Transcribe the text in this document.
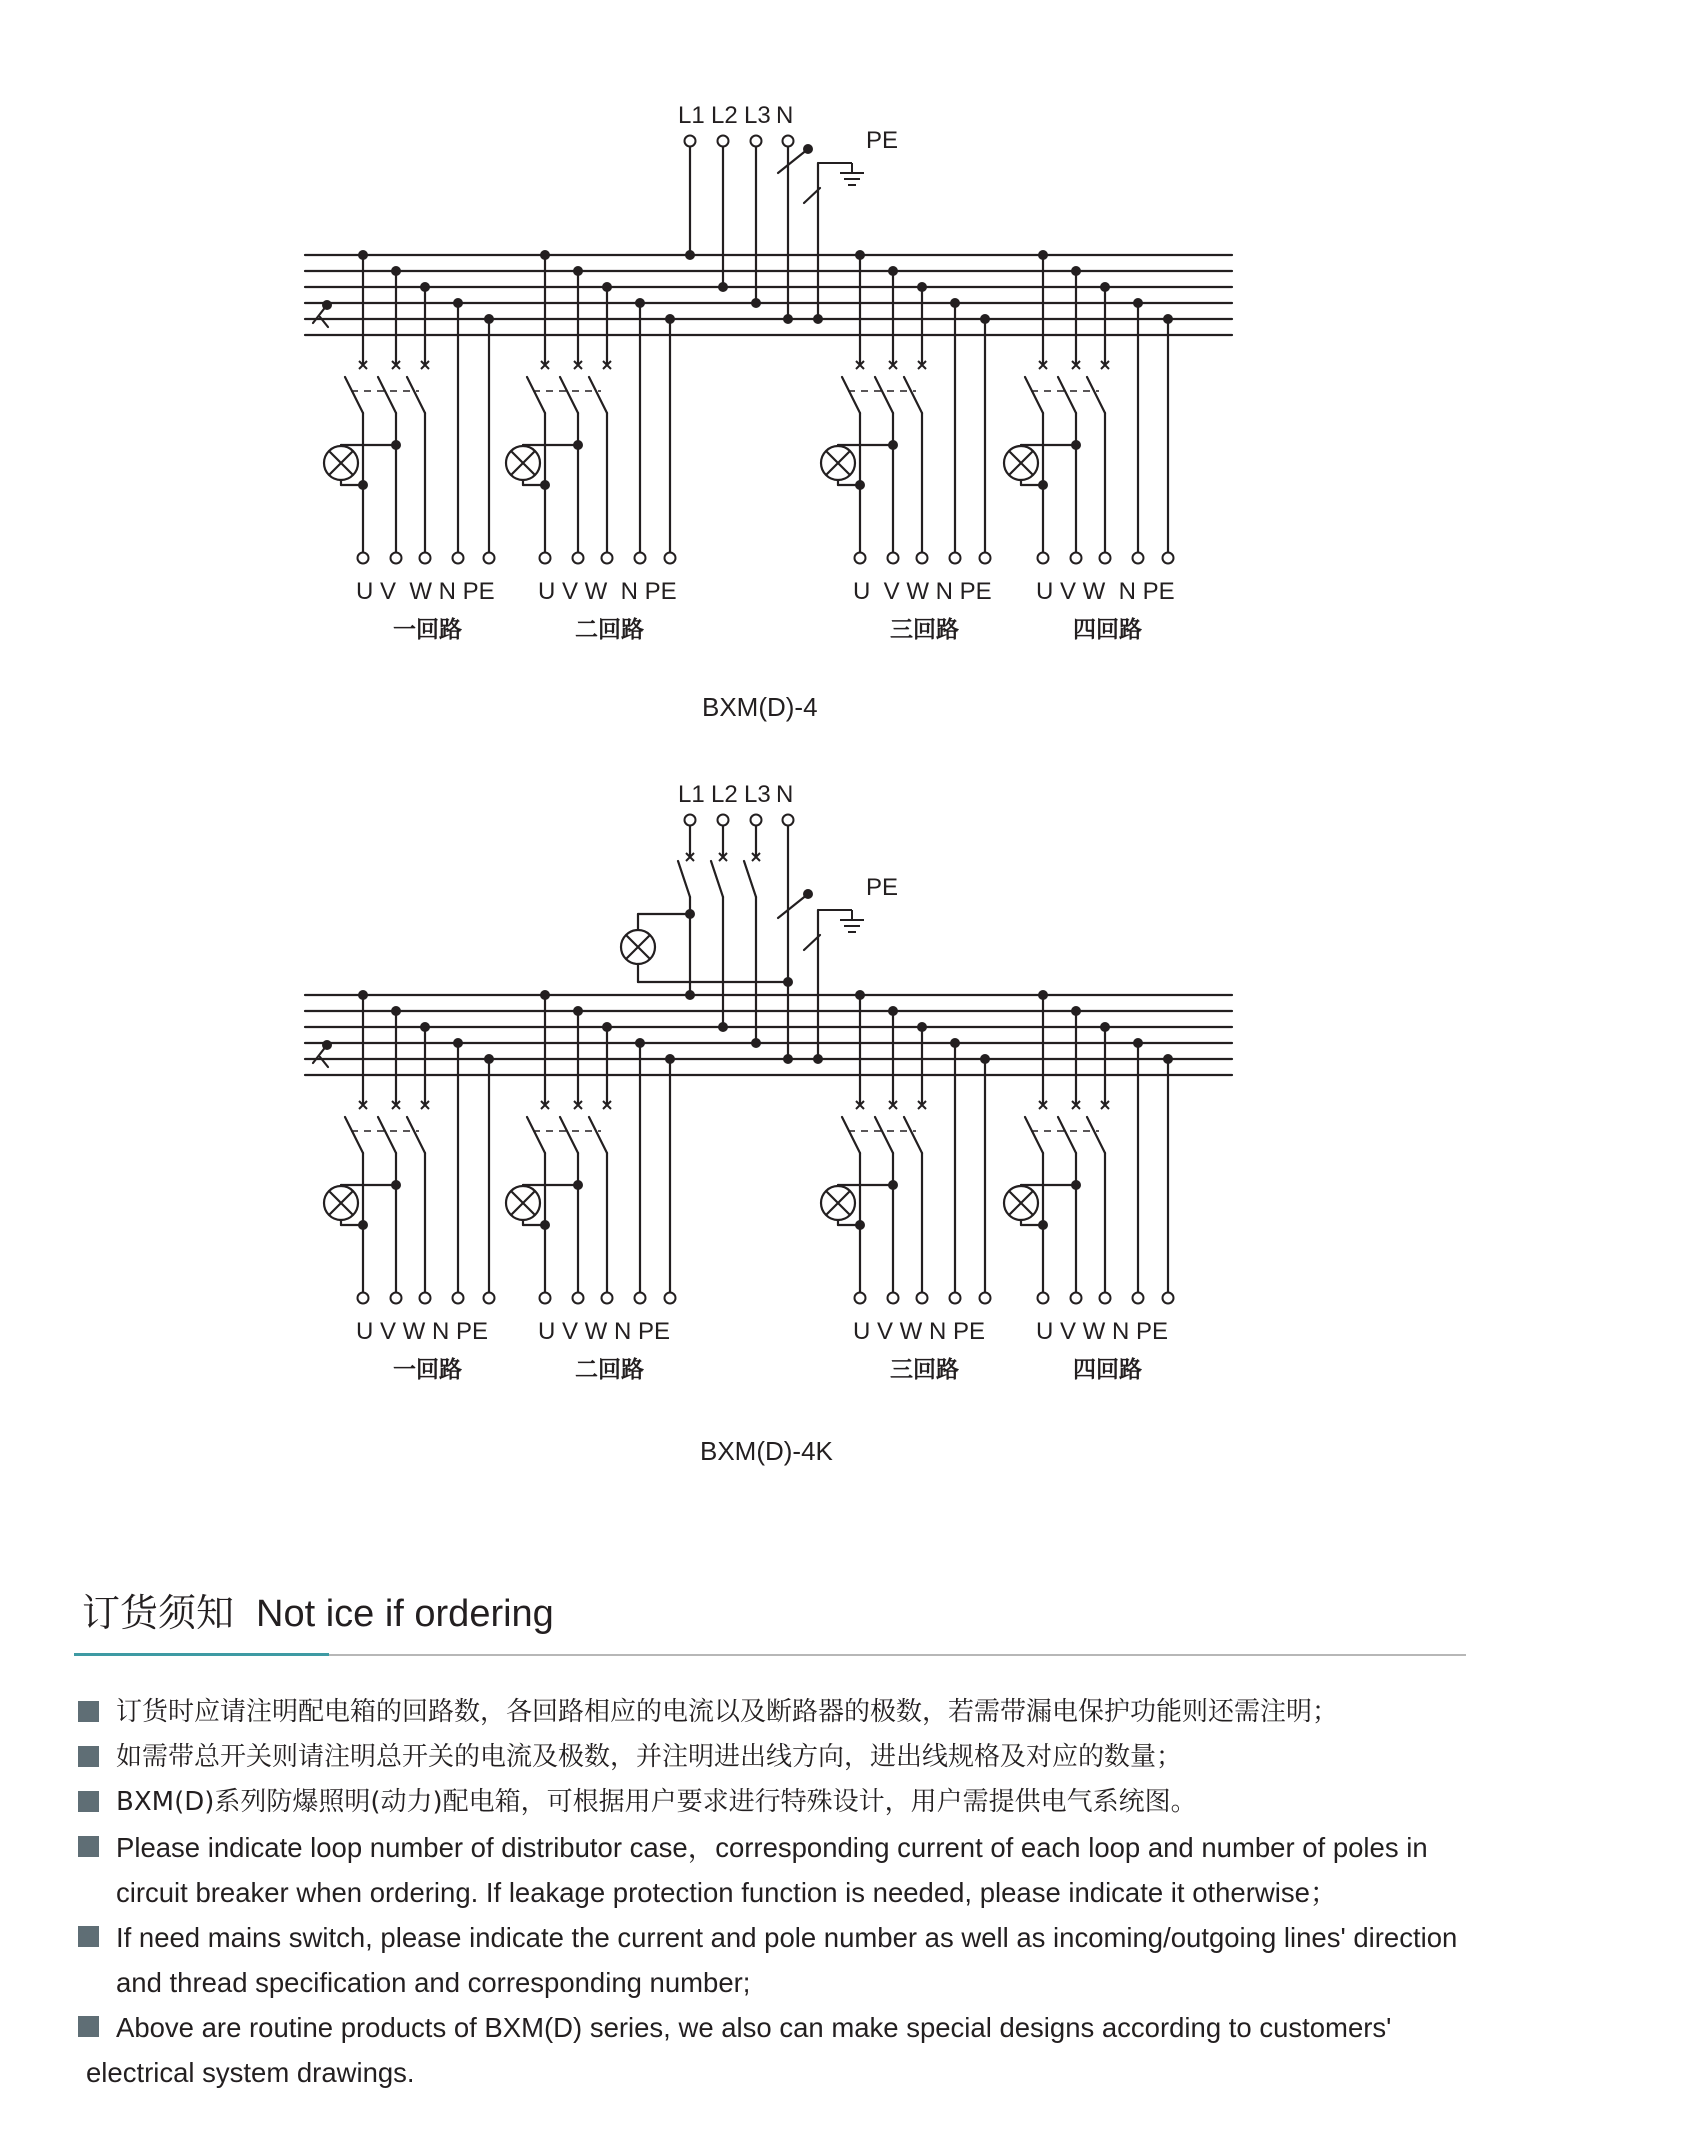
L1 L2 L3 N
PE
U V  W N PE
一回路
U V W  N PE
二回路
U  V W N PE
三回路
U V W  N PE
四回路
BXM(D)-4
L1 L2 L3 N
PE
U V W N PE
一回路
U V W N PE
二回路
U V W N PE
三回路
U V W N PE
四回路
BXM(D)-4K
订货须知 Not ice if ordering
订货时应请注明配电箱的回路数，各回路相应的电流以及断路器的极数，若需带漏电保护功能则还需注明；
如需带总开关则请注明总开关的电流及极数，并注明进出线方向，进出线规格及对应的数量；
BXM(D)系列防爆照明(动力)配电箱，可根据用户要求进行特殊设计，用户需提供电气系统图。
Please indicate loop number of distributor case，corresponding current of each loop and number of poles in
circuit breaker when ordering. If leakage protection function is needed, please indicate it otherwise；
If need mains switch, please indicate the current and pole number as well as incoming/outgoing lines' direction
and thread specification and corresponding number;
Above are routine products of BXM(D) series, we also can make special designs according to customers'
electrical system drawings.
